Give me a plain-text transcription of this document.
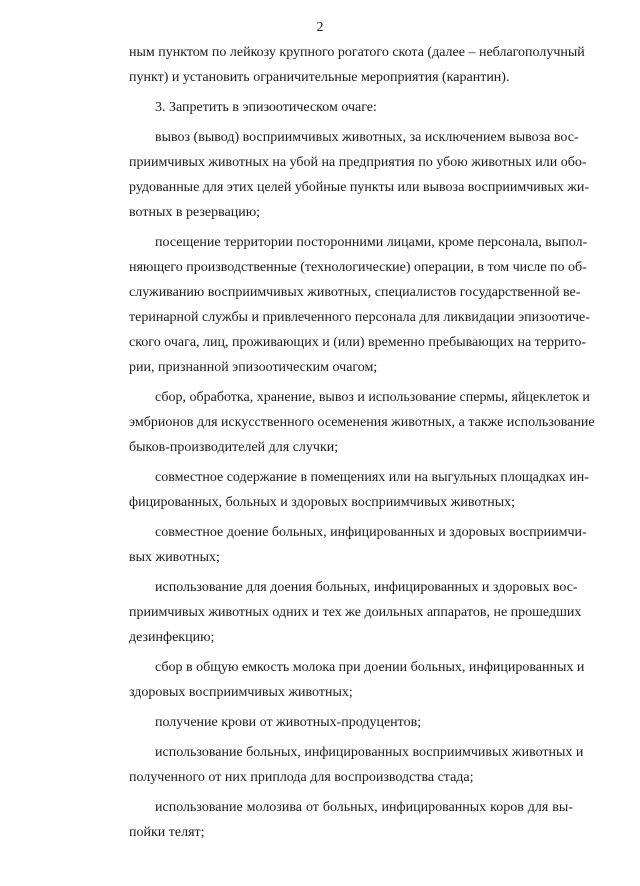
2
ным пунктом по лейкозу крупного рогатого скота (далее – неблагополучный
пункт) и установить ограничительные мероприятия (карантин).
3. Запретить в эпизоотическом очаге:
вывоз (вывод) восприимчивых животных, за исключением вывоза вос-
приимчивых животных на убой на предприятия по убою животных или обо-
рудованные для этих целей убойные пункты или вывоза восприимчивых жи-
вотных в резервацию;
посещение территории посторонними лицами, кроме персонала, выпол-
няющего производственные (технологические) операции, в том числе по об-
служиванию восприимчивых животных, специалистов государственной ве-
теринарной службы и привлеченного персонала для ликвидации эпизоотиче-
ского очага, лиц, проживающих и (или) временно пребывающих на террито-
рии, признанной эпизоотическим очагом;
сбор, обработка, хранение, вывоз и использование спермы, яйцеклеток и
эмбрионов для искусственного осеменения животных, а также использование
быков-производителей для случки;
совместное содержание в помещениях или на выгульных площадках ин-
фицированных, больных и здоровых восприимчивых животных;
совместное доение больных, инфицированных и здоровых восприимчи-
вых животных;
использование для доения больных, инфицированных и здоровых вос-
приимчивых животных одних и тех же доильных аппаратов, не прошедших
дезинфекцию;
сбор в общую емкость молока при доении больных, инфицированных и
здоровых восприимчивых животных;
получение крови от животных-продуцентов;
использование больных, инфицированных восприимчивых животных и
полученного от них приплода для воспроизводства стада;
использование молозива от больных, инфицированных коров для вы-
пойки телят;
